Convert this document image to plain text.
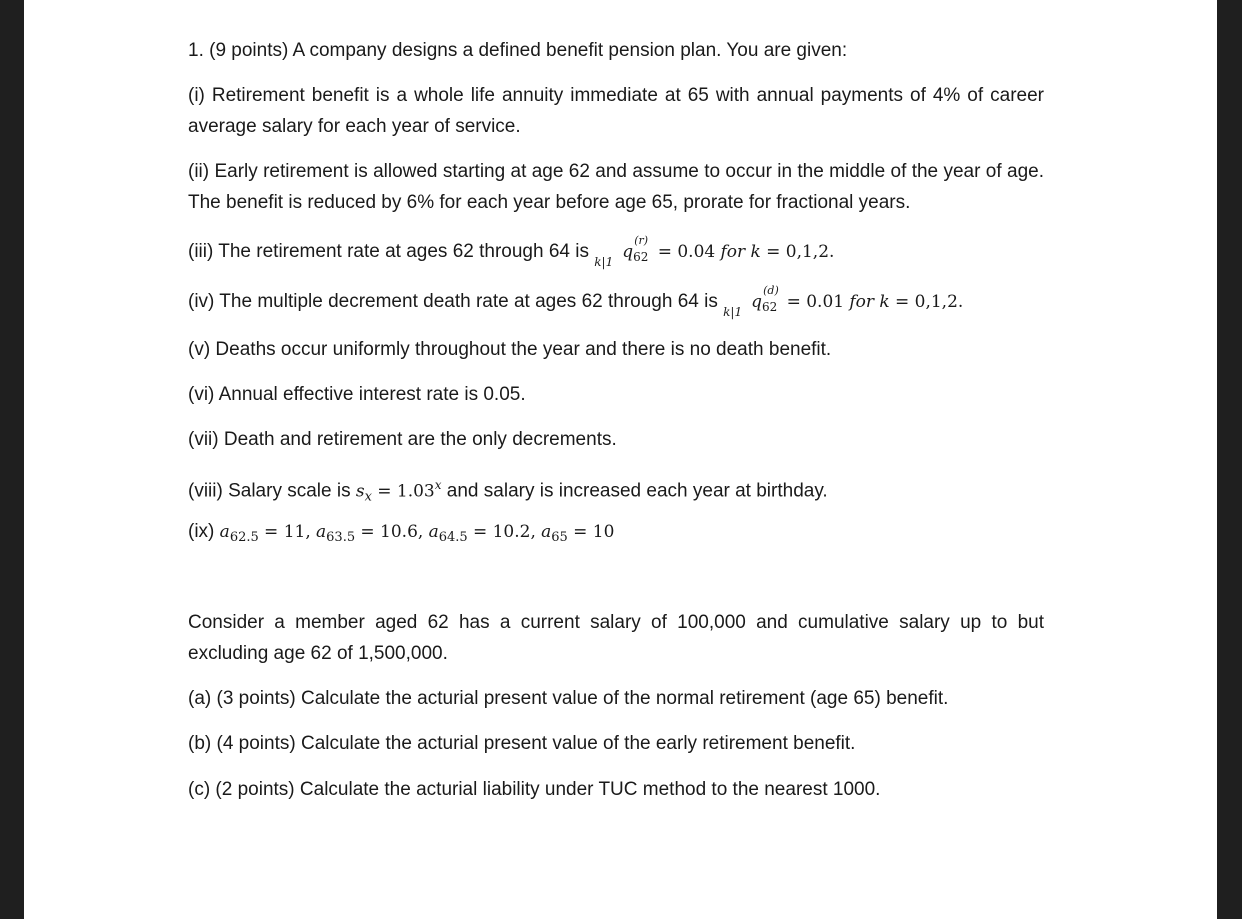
1. (9 points) A company designs a defined benefit pension plan. You are given:

(i) Retirement benefit is a whole life annuity immediate at 65 with annual payments of 4% of career average salary for each year of service.

(ii) Early retirement is allowed starting at age 62 and assume to occur in the middle of the year of age. The benefit is reduced by 6% for each year before age 65, prorate for fractional years.

(iii) The retirement rate at ages 62 through 64 is k|1 $q_{62}$
(r)
= 0.04 for k = 0,1,2.

(iv) The multiple decrement death rate at ages 62 through 64 is k|1 $q_{62}$
(d)
= 0.01 for k = 0,1,2.

(v) Deaths occur uniformly throughout the year and there is no death benefit.

(vi) Annual effective interest rate is 0.05.

(vii) Death and retirement are the only decrements.

(viii) Salary scale is $s_x = 1.03^x$ and salary is increased each year at birthday.

(ix) $a_{62.5} = 11$, $a_{63.5} = 10.6$, $a_{64.5} = 10.2$, $a_{65} = 10$

Consider a member aged 62 has a current salary of 100,000 and cumulative salary up to but excluding age 62 of 1,500,000.

(a) (3 points) Calculate the acturial present value of the normal retirement (age 65) benefit.

(b) (4 points) Calculate the acturial present value of the early retirement benefit.

(c) (2 points) Calculate the acturial liability under TUC method to the nearest 1000.
